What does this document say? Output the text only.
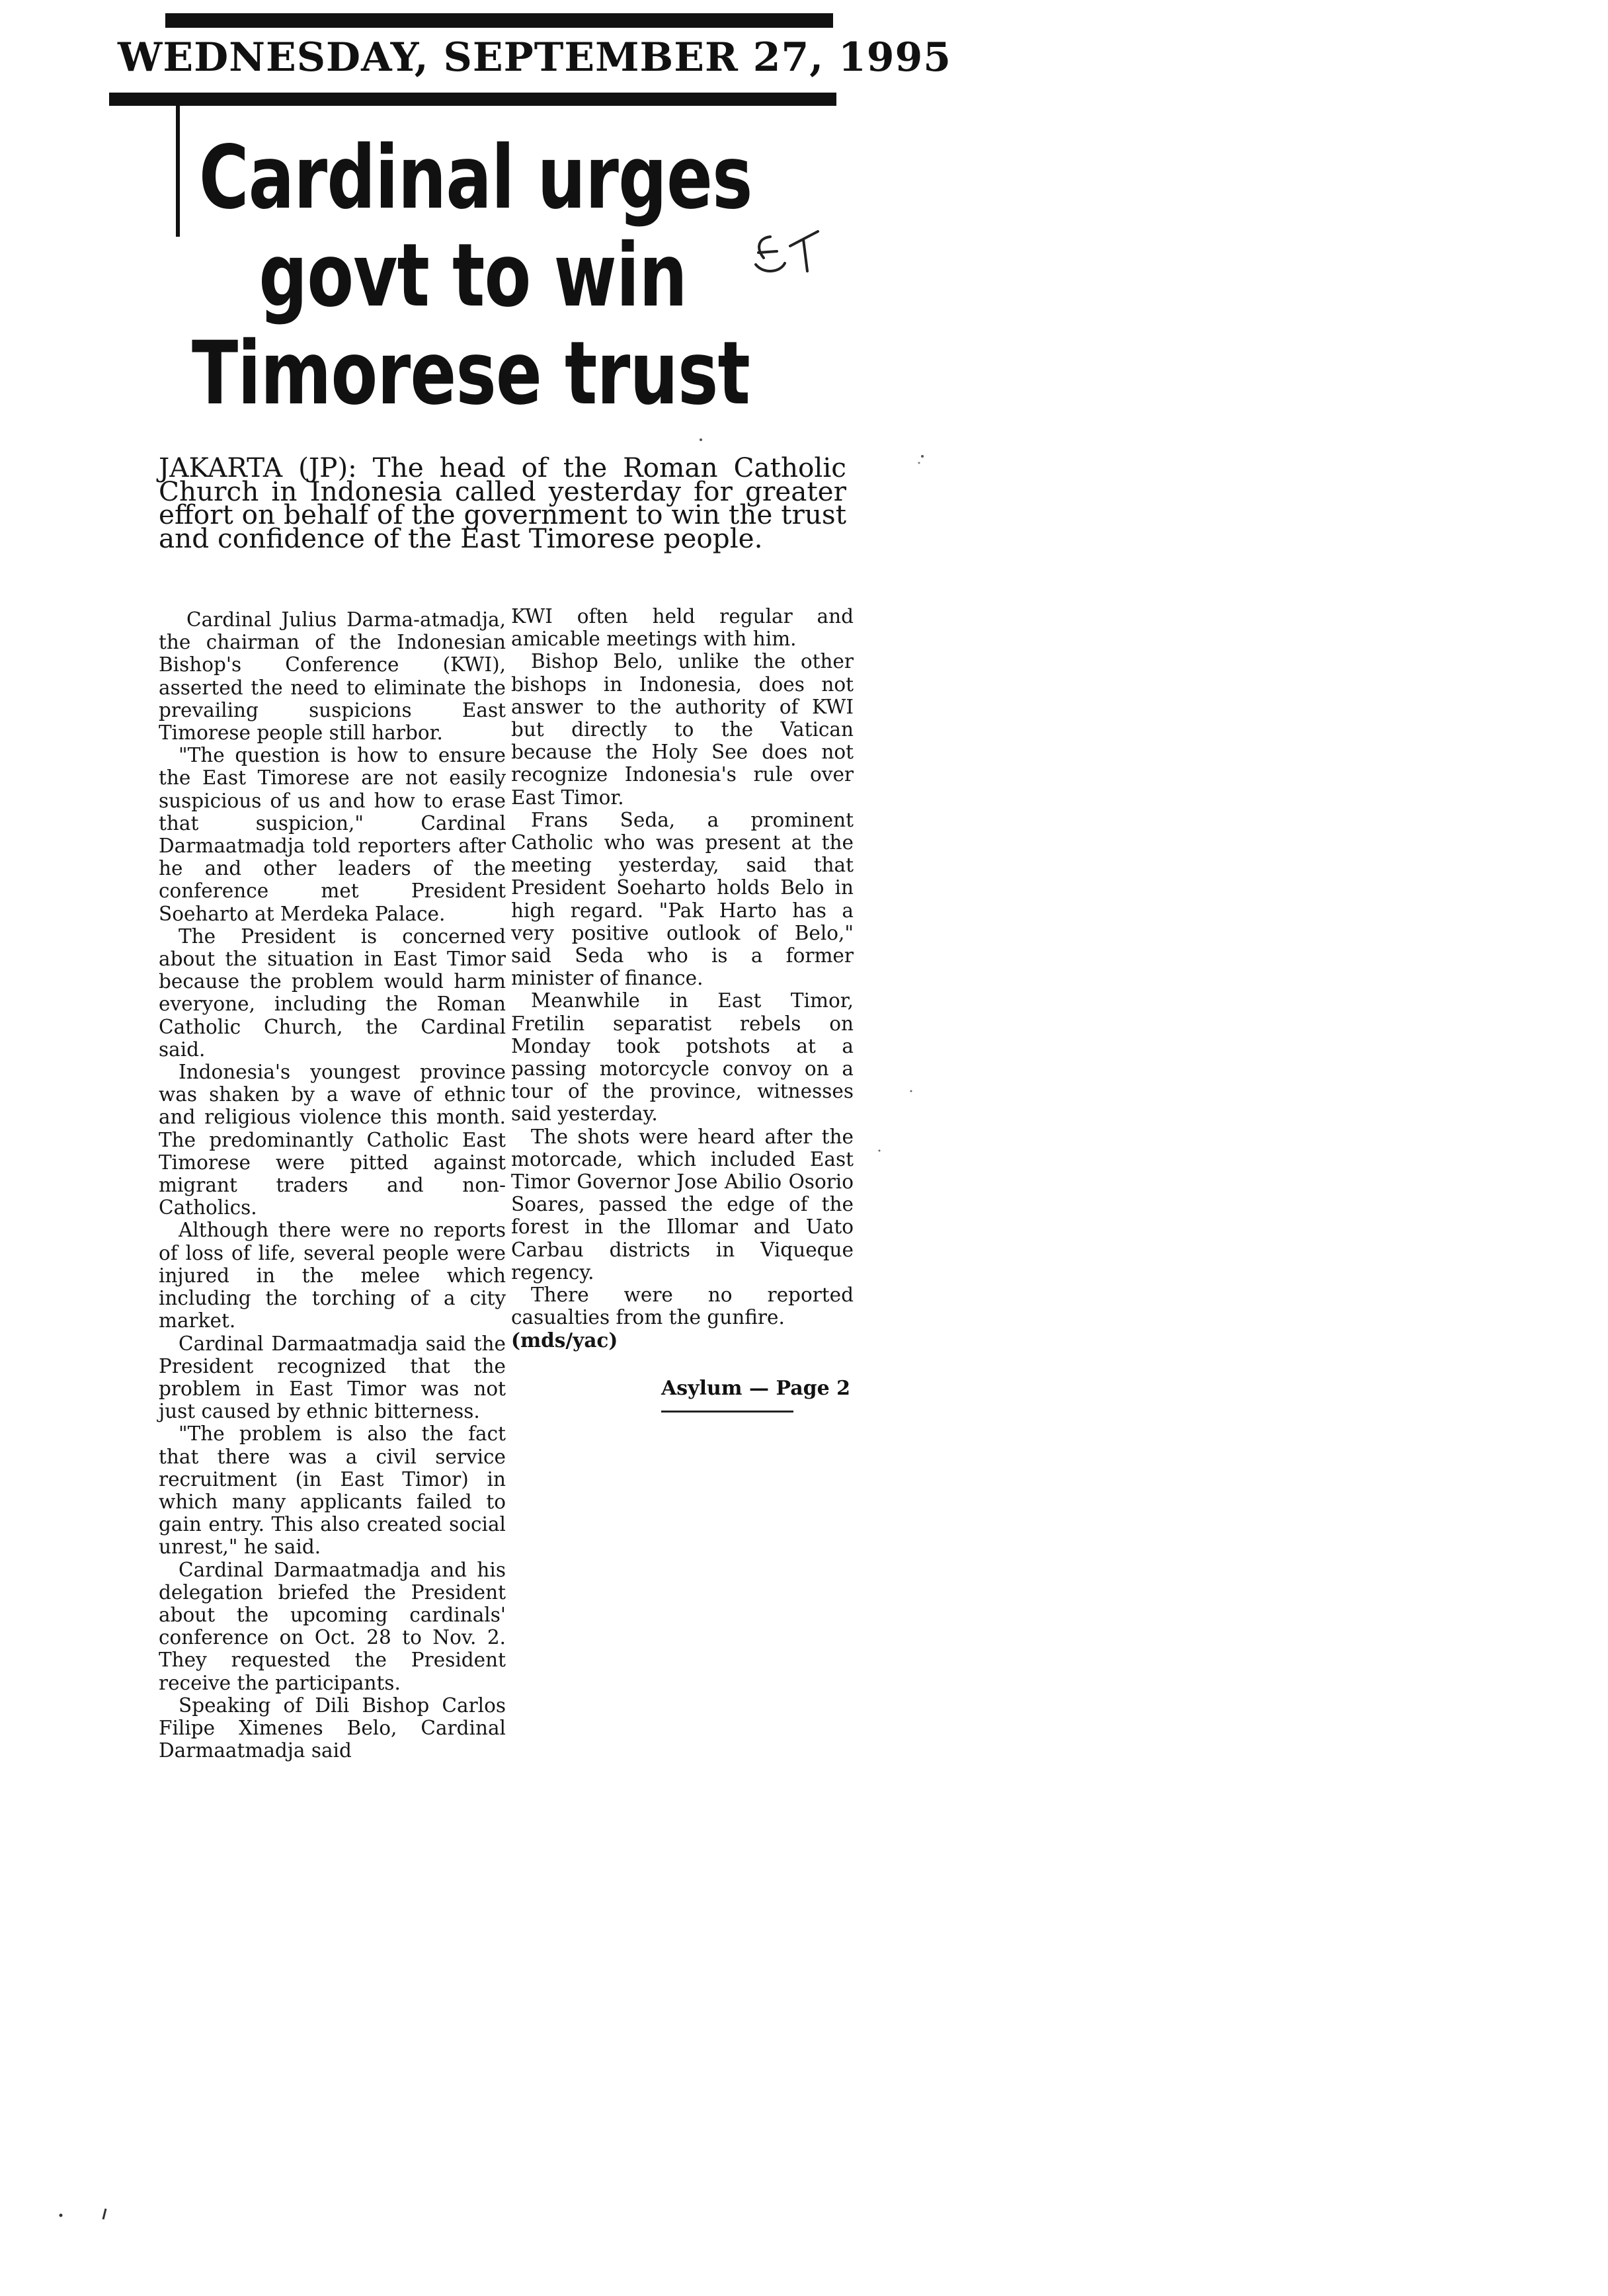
WEDNESDAY, SEPTEMBER 27, 1995
Cardinal urges
govt to win
Timorese trust

JAKARTA (JP): The head of the Roman Catholic Church in Indonesia called yesterday for greater effort on behalf of the government to win the trust and confidence of the East Timorese people.

Cardinal Julius Darma-atmadja, the chairman of the Indonesian Bishop's Conference (KWI), asserted the need to eliminate the prevailing suspicions East Timorese people still harbor.

"The question is how to ensure the East Timorese are not easily suspicious of us and how to erase that suspicion," Cardinal Darmaatmadja told reporters after he and other leaders of the conference met President Soeharto at Merdeka Palace.

The President is concerned about the situation in East Timor because the problem would harm everyone, including the Roman Catholic Church, the Cardinal said.

Indonesia's youngest province was shaken by a wave of ethnic and religious violence this month. The predominantly Catholic East Timorese were pitted against migrant traders and non-Catholics.

Although there were no reports of loss of life, several people were injured in the melee which including the torching of a city market.

Cardinal Darmaatmadja said the President recognized that the problem in East Timor was not just caused by ethnic bitterness.

"The problem is also the fact that there was a civil service recruitment (in East Timor) in which many applicants failed to gain entry. This also created social unrest," he said.

Cardinal Darmaatmadja and his delegation briefed the President about the upcoming cardinals' conference on Oct. 28 to Nov. 2. They requested the President receive the participants.

Speaking of Dili Bishop Carlos Filipe Ximenes Belo, Cardinal Darmaatmadja said

KWI often held regular and amicable meetings with him.

Bishop Belo, unlike the other bishops in Indonesia, does not answer to the authority of KWI but directly to the Vatican because the Holy See does not recognize Indonesia's rule over East Timor.

Frans Seda, a prominent Catholic who was present at the meeting yesterday, said that President Soeharto holds Belo in high regard. "Pak Harto has a very positive outlook of Belo," said Seda who is a former minister of finance.

Meanwhile in East Timor, Fretilin separatist rebels on Monday took potshots at a passing motorcycle convoy on a tour of the province, witnesses said yesterday.

The shots were heard after the motorcade, which included East Timor Governor Jose Abilio Osorio Soares, passed the edge of the forest in the Illomar and Uato Carbau districts in Viqueque regency.

There were no reported casualties from the gunfire.

(mds/yac)

Asylum — Page 2
